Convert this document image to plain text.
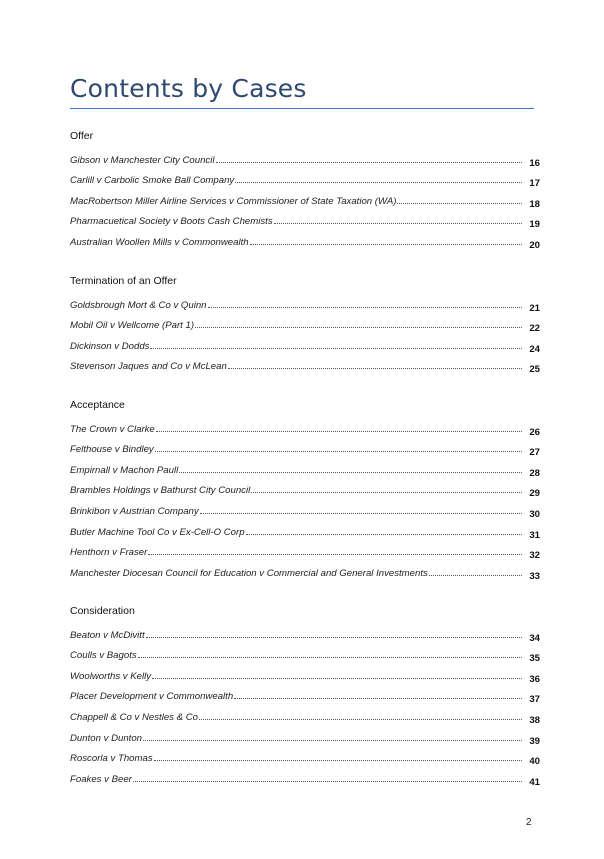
Contents by Cases
Offer
Gibson v Manchester City Council	16
Carlill v Carbolic Smoke Ball Company	17
MacRobertson Miller Airline Services v Commissioner of State Taxation (WA)	18
Pharmacuetical Society v Boots Cash Chemists	19
Australian Woollen Mills v Commonwealth	20
Termination of an Offer
Goldsbrough Mort & Co v Quinn	21
Mobil Oil v Wellcome (Part 1)	22
Dickinson v Dodds	24
Stevenson Jaques and Co v McLean	25
Acceptance
The Crown v Clarke	26
Felthouse v Bindley	27
Empirnall v Machon Paull	28
Brambles Holdings v Bathurst City Council	29
Brinkibon v Austrian Company	30
Butler Machine Tool Co v Ex-Cell-O Corp	31
Henthorn v Fraser	32
Manchester Diocesan Council for Education v Commercial and General Investments	33
Consideration
Beaton v McDivitt	34
Coulls v Bagots	35
Woolworths v Kelly	36
Placer Development v Commonwealth	37
Chappell & Co v Nestles & Co	38
Dunton v Dunton	39
Roscorla v Thomas	40
Foakes v Beer	41
2
